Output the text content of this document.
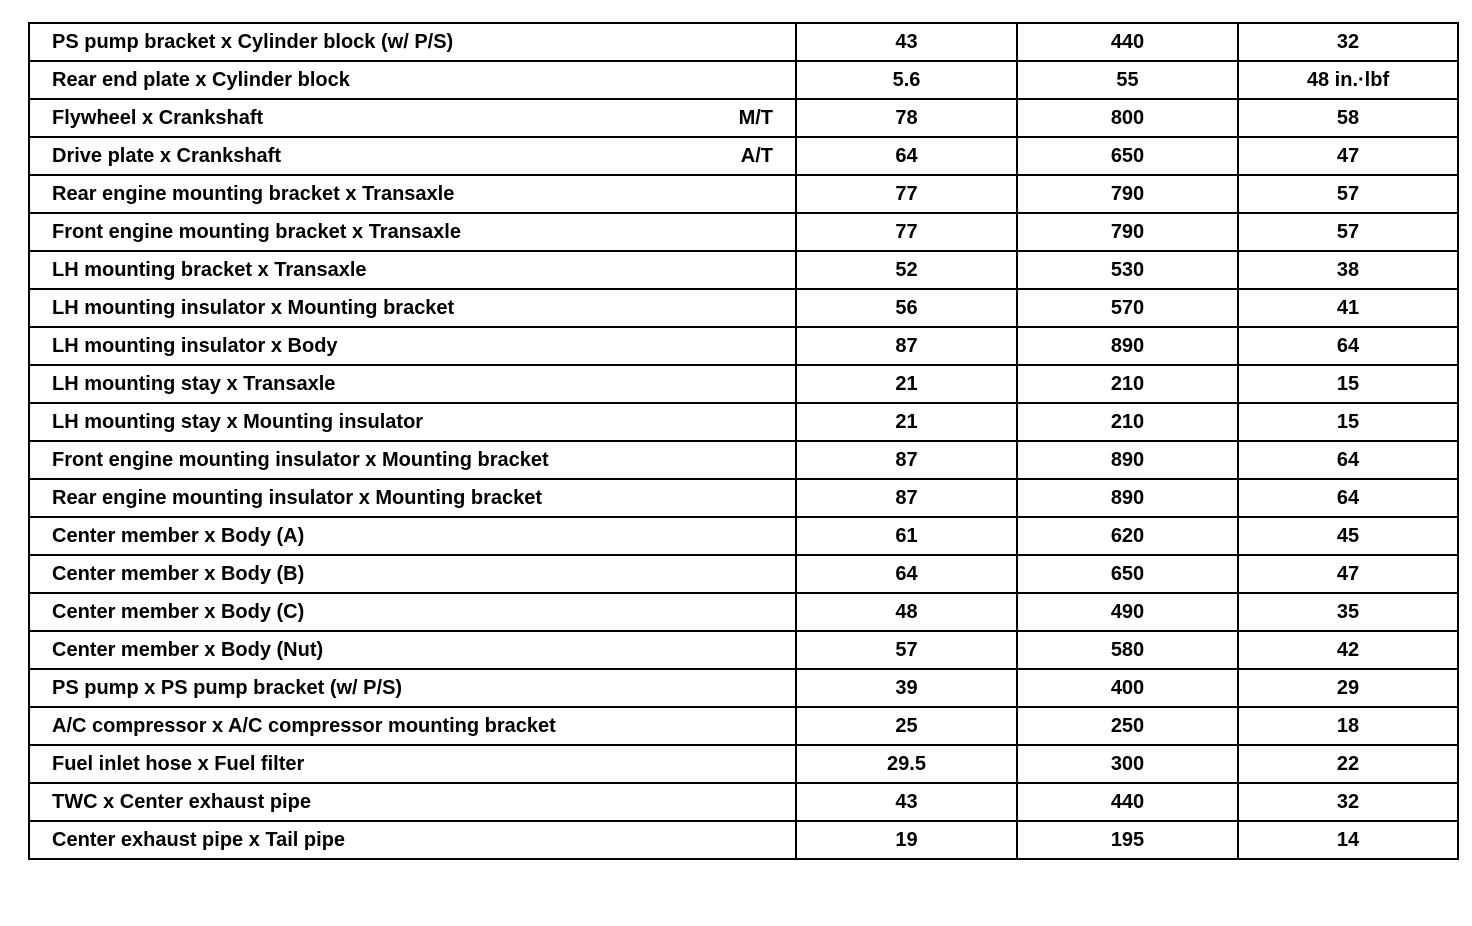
PS pump bracket x Cylinder block (w/ P/S)	43	440	32

Rear end plate x Cylinder block	5.6	55	48 in.·lbf

Flywheel x Crankshaft M/T	78	800	58

Drive plate x Crankshaft A/T	64	650	47

Rear engine mounting bracket x Transaxle	77	790	57

Front engine mounting bracket x Transaxle	77	790	57

LH mounting bracket x Transaxle	52	530	38

LH mounting insulator x Mounting bracket	56	570	41

LH mounting insulator x Body	87	890	64

LH mounting stay x Transaxle	21	210	15

LH mounting stay x Mounting insulator	21	210	15

Front engine mounting insulator x Mounting bracket	87	890	64

Rear engine mounting insulator x Mounting bracket	87	890	64

Center member x Body (A)	61	620	45

Center member x Body (B)	64	650	47

Center member x Body (C)	48	490	35

Center member x Body (Nut)	57	580	42

PS pump x PS pump bracket (w/ P/S)	39	400	29

A/C compressor x A/C compressor mounting bracket	25	250	18

Fuel inlet hose x Fuel filter	29.5	300	22

TWC x Center exhaust pipe	43	440	32

Center exhaust pipe x Tail pipe	19	195	14
